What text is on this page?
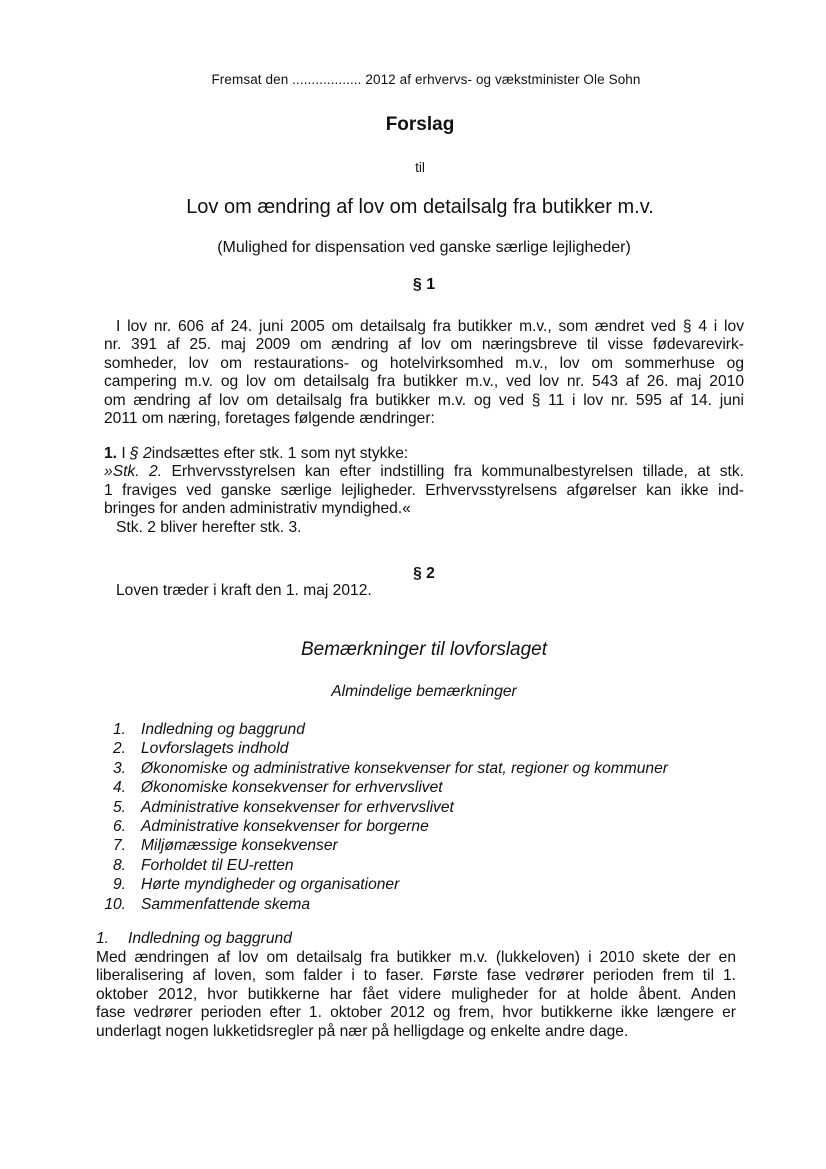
Fremsat den .................. 2012 af erhvervs- og vækstminister Ole Sohn
Forslag
til
Lov om ændring af lov om detailsalg fra butikker m.v.
(Mulighed for dispensation ved ganske særlige lejligheder)
§ 1
I lov nr. 606 af 24. juni 2005 om detailsalg fra butikker m.v., som ændret ved § 4 i lov
nr. 391 af 25. maj 2009 om ændring af lov om næringsbreve til visse fødevarevirk-
somheder, lov om restaurations- og hotelvirksomhed m.v., lov om sommerhuse og
campering m.v. og lov om detailsalg fra butikker m.v., ved lov nr. 543 af 26. maj 2010
om ændring af lov om detailsalg fra butikker m.v. og ved § 11 i lov nr. 595 af 14. juni
2011 om næring, foretages følgende ændringer:
1. I § 2indsættes efter stk. 1 som nyt stykke:
»Stk. 2. Erhvervsstyrelsen kan efter indstilling fra kommunalbestyrelsen tillade, at stk.
1 fraviges ved ganske særlige lejligheder. Erhvervsstyrelsens afgørelser kan ikke ind-
bringes for anden administrativ myndighed.«
Stk. 2 bliver herefter stk. 3.
§ 2
Loven træder i kraft den 1. maj 2012.
Bemærkninger til lovforslaget
Almindelige bemærkninger
1. Indledning og baggrund
2. Lovforslagets indhold
3. Økonomiske og administrative konsekvenser for stat, regioner og kommuner
4. Økonomiske konsekvenser for erhvervslivet
5. Administrative konsekvenser for erhvervslivet
6. Administrative konsekvenser for borgerne
7. Miljømæssige konsekvenser
8. Forholdet til EU-retten
9. Hørte myndigheder og organisationer
10. Sammenfattende skema
1. Indledning og baggrund
Med ændringen af lov om detailsalg fra butikker m.v. (lukkeloven) i 2010 skete der en
liberalisering af loven, som falder i to faser. Første fase vedrører perioden frem til 1.
oktober 2012, hvor butikkerne har fået videre muligheder for at holde åbent. Anden
fase vedrører perioden efter 1. oktober 2012 og frem, hvor butikkerne ikke længere er
underlagt nogen lukketidsregler på nær på helligdage og enkelte andre dage.
